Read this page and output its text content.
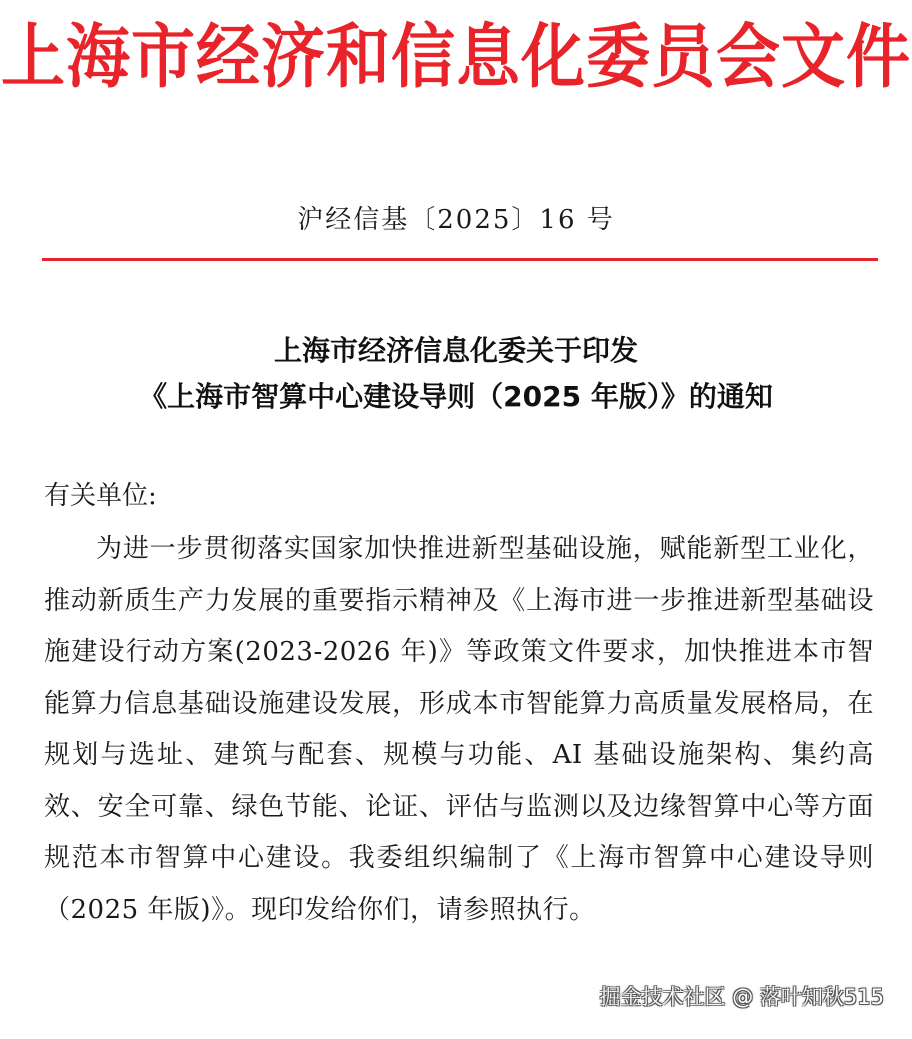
上海市经济和信息化委员会文件
沪经信基〔2025〕16 号
上海市经济信息化委关于印发
《上海市智算中心建设导则（2025 年版）》的通知
有关单位:
为进一步贯彻落实国家加快推进新型基础设施，赋能新型工业化，推动新质生产力发展的重要指示精神及《上海市进一步推进新型基础设施建设行动方案(2023-2026 年)》等政策文件要求，加快推进本市智能算力信息基础设施建设发展，形成本市智能算力高质量发展格局，在规划与选址、建筑与配套、规模与功能、AI 基础设施架构、集约高效、安全可靠、绿色节能、论证、评估与监测以及边缘智算中心等方面规范本市智算中心建设。我委组织编制了《上海市智算中心建设导则（2025 年版)》。现印发给你们，请参照执行。
掘金技术社区 @ 落叶知秋515
